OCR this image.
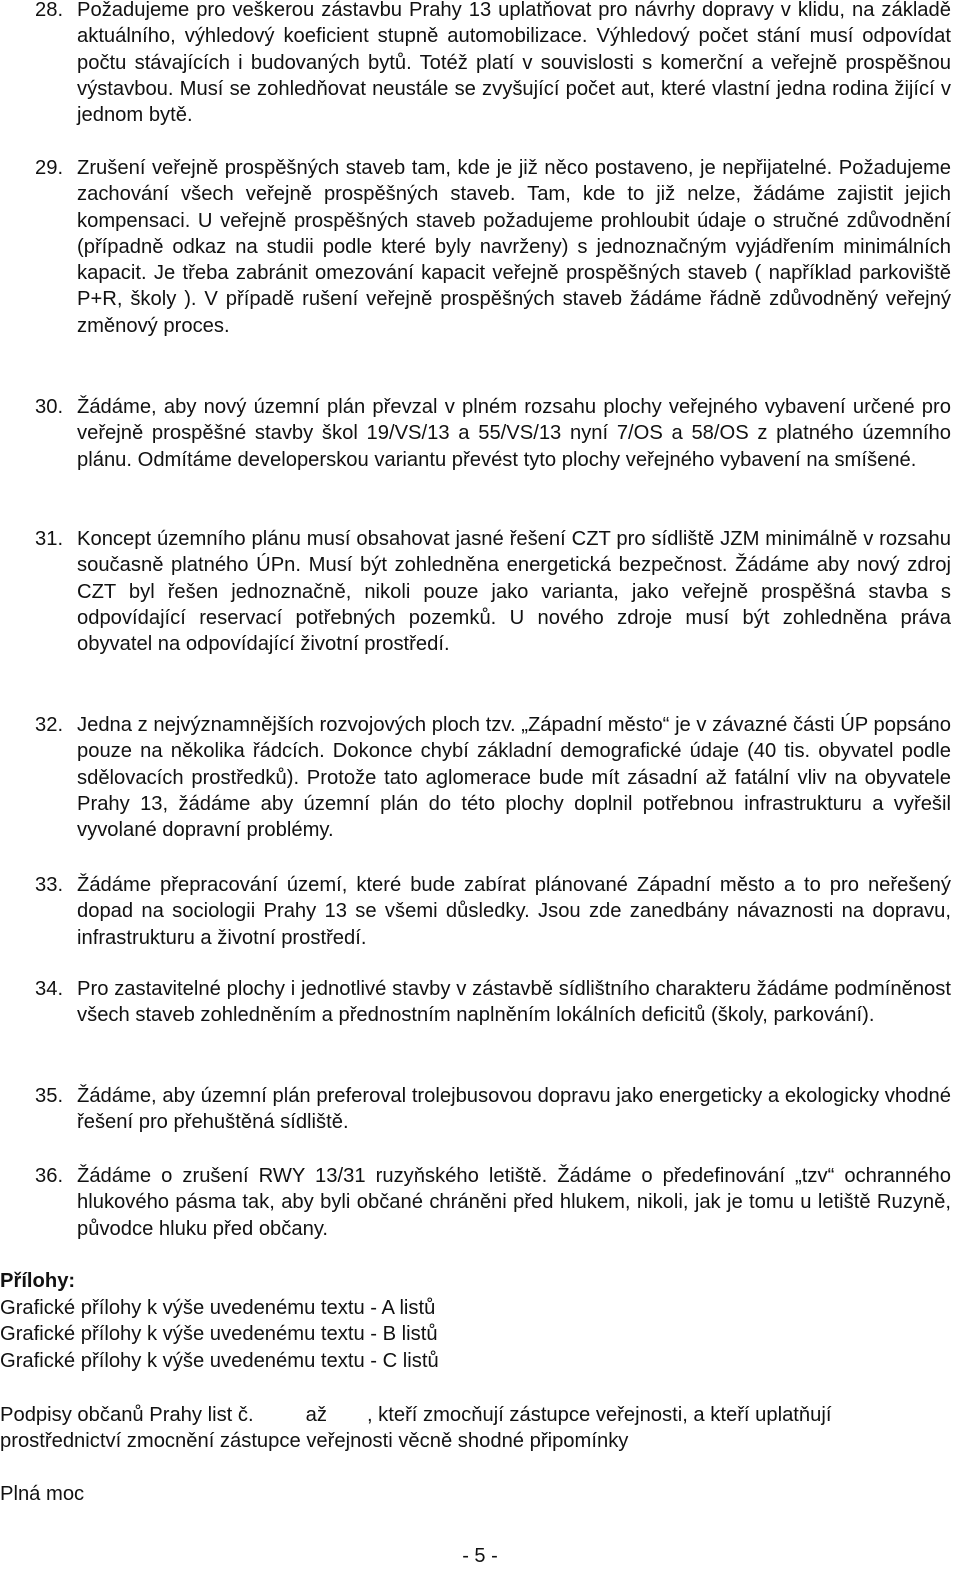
28. Požadujeme pro veškerou zástavbu Prahy 13 uplatňovat pro návrhy dopravy v klidu, na základě aktuálního, výhledový koeficient stupně automobilizace. Výhledový počet stání musí odpovídat počtu stávajících i budovaných bytů. Totéž platí v souvislosti s komerční a veřejně prospěšnou výstavbou. Musí se zohledňovat neustále se zvyšující počet aut, které vlastní jedna rodina žijící v jednom bytě.
29. Zrušení veřejně prospěšných staveb tam, kde je již něco postaveno, je nepřijatelné. Požadujeme zachování všech veřejně prospěšných staveb. Tam, kde to již nelze, žádáme zajistit jejich kompensaci. U veřejně prospěšných staveb požadujeme prohloubit údaje o stručné zdůvodnění (případně odkaz na studii podle které byly navrženy) s jednoznačným vyjádřením minimálních kapacit. Je třeba zabránit omezování kapacit veřejně prospěšných staveb ( například parkoviště P+R, školy ). V případě rušení veřejně prospěšných staveb žádáme řádně zdůvodněný veřejný změnový proces.
30. Žádáme, aby nový územní plán převzal v plném rozsahu plochy veřejného vybavení určené pro veřejně prospěšné stavby škol 19/VS/13 a 55/VS/13 nyní 7/OS a 58/OS z platného územního plánu. Odmítáme developerskou variantu převést tyto plochy veřejného vybavení na smíšené.
31. Koncept územního plánu musí obsahovat jasné řešení CZT pro sídliště JZM minimálně v rozsahu současně platného ÚPn. Musí být zohledněna energetická bezpečnost. Žádáme aby nový zdroj CZT byl řešen jednoznačně, nikoli pouze jako varianta, jako veřejně prospěšná stavba s odpovídající reservací potřebných pozemků. U nového zdroje musí být zohledněna práva obyvatel na odpovídající životní prostředí.
32. Jedna z nejvýznamnějších rozvojových ploch tzv. „Západní město“ je v závazné části ÚP popsáno pouze na několika řádcích. Dokonce chybí základní demografické údaje (40 tis. obyvatel podle sdělovacích prostředků). Protože tato aglomerace bude mít zásadní až fatální vliv na obyvatele Prahy 13, žádáme aby územní plán do této plochy doplnil potřebnou infrastrukturu a vyřešil vyvolané dopravní problémy.
33. Žádáme přepracování území, které bude zabírat plánované Západní město a to pro neřešený dopad na sociologii Prahy 13 se všemi důsledky. Jsou zde zanedbány návaznosti na dopravu, infrastrukturu a životní prostředí.
34. Pro zastavitelné plochy i jednotlivé stavby v zástavbě sídlištního charakteru žádáme podmíněnost všech staveb zohledněním a přednostním naplněním lokálních deficitů (školy, parkování).
35. Žádáme, aby územní plán preferoval trolejbusovou dopravu jako energeticky a ekologicky vhodné řešení pro přehuštěná sídliště.
36. Žádáme o zrušení RWY 13/31 ruzyňského letiště. Žádáme o předefinování „tzv“ ochranného hlukového pásma tak, aby byli občané chráněni před hlukem, nikoli, jak je tomu u letiště Ruzyně, původce hluku před občany.
Přílohy:
Grafické přílohy k výše uvedenému textu - A listů
Grafické přílohy k výše uvedenému textu - B listů
Grafické přílohy k výše uvedenému textu - C listů
Podpisy občanů Prahy list č.	až , kteří zmocňují zástupce veřejnosti, a kteří uplatňují prostřednictví zmocnění zástupce veřejnosti věcně shodné připomínky
Plná moc
- 5 -
